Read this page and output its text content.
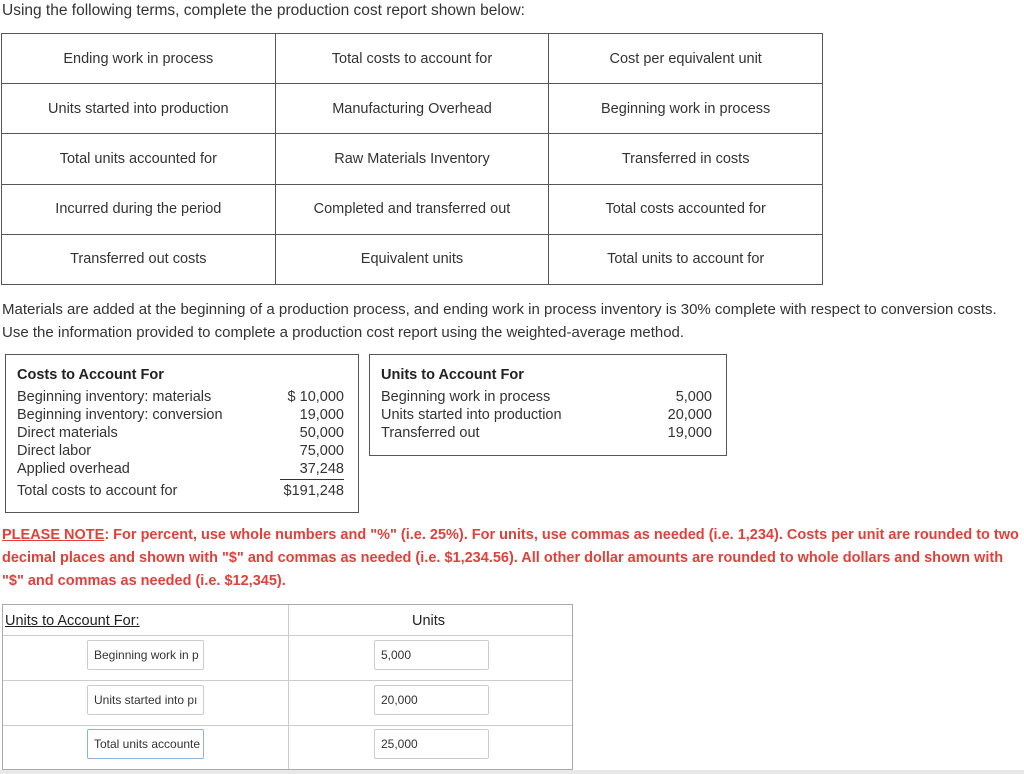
Using the following terms, complete the production cost report shown below:
Ending work in process	Total costs to account for	Cost per equivalent unit
Units started into production	Manufacturing Overhead	Beginning work in process
Total units accounted for	Raw Materials Inventory	Transferred in costs
Incurred during the period	Completed and transferred out	Total costs accounted for
Transferred out costs	Equivalent units	Total units to account for
Materials are added at the beginning of a production process, and ending work in process inventory is 30% complete with respect to conversion costs. Use the information provided to complete a production cost report using the weighted-average method.
Costs to Account For
Beginning inventory: materials	$ 10,000
Beginning inventory: conversion	19,000
Direct materials	50,000
Direct labor	75,000
Applied overhead	37,248
Total costs to account for	$191,248
Units to Account For
Beginning work in process	5,000
Units started into production	20,000
Transferred out	19,000
PLEASE NOTE: For percent, use whole numbers and "%" (i.e. 25%). For units, use commas as needed (i.e. 1,234). Costs per unit are rounded to two decimal places and shown with "$" and commas as needed (i.e. $1,234.56). All other dollar amounts are rounded to whole dollars and shown with "$" and commas as needed (i.e. $12,345).
Units to Account For:	Units
Beginning work in p	5,000
Units started into pı	20,000
Total units accounte	25,000
